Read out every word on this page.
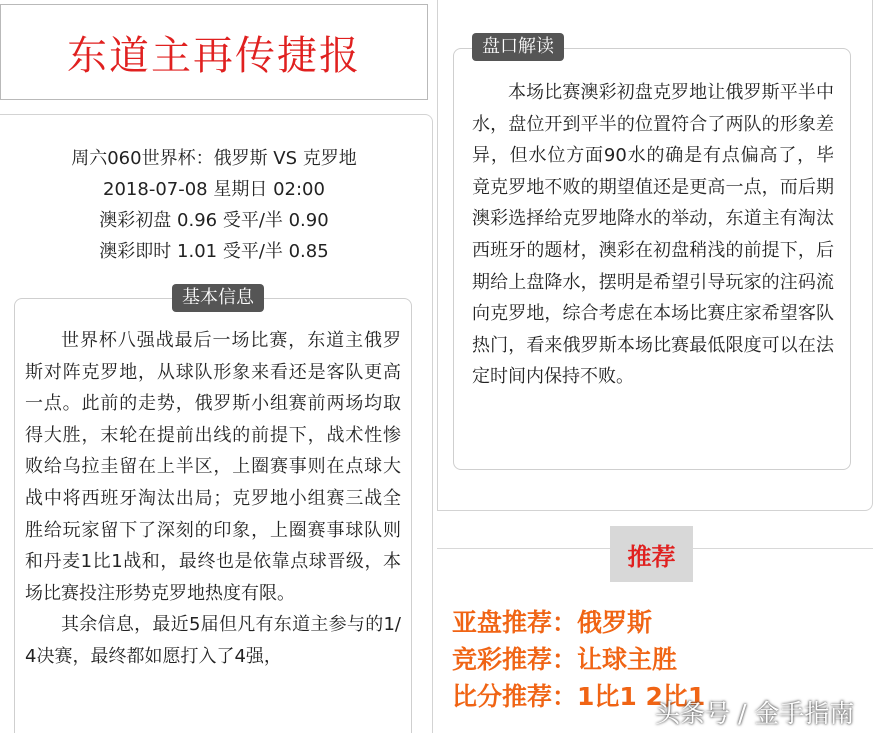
东道主再传捷报
周六060世界杯：俄罗斯 VS 克罗地
2018-07-08 星期日 02:00
澳彩初盘 0.96 受平/半 0.90
澳彩即时 1.01 受平/半 0.85

世界杯八强战最后一场比赛，东道主俄罗斯对阵克罗地，从球队形象来看还是客队更高一点。此前的走势，俄罗斯小组赛前两场均取得大胜，末轮在提前出线的前提下，战术性惨败给乌拉圭留在上半区，上圈赛事则在点球大战中将西班牙淘汰出局；克罗地小组赛三战全胜给玩家留下了深刻的印象，上圈赛事球队则和丹麦1比1战和，最终也是依靠点球晋级，本场比赛投注形势克罗地热度有限。

其余信息，最近5届但凡有东道主参与的1/4决赛，最终都如愿打入了4强，

基本信息

本场比赛澳彩初盘克罗地让俄罗斯平半中水，盘位开到平半的位置符合了两队的形象差异，但水位方面90水的确是有点偏高了，毕竟克罗地不败的期望值还是更高一点，而后期澳彩选择给克罗地降水的举动，东道主有淘汰西班牙的题材，澳彩在初盘稍浅的前提下，后期给上盘降水，摆明是希望引导玩家的注码流向克罗地，综合考虑在本场比赛庄家希望客队热门，看来俄罗斯本场比赛最低限度可以在法定时间内保持不败。

盘口解读
推荐
亚盘推荐：俄罗斯
竞彩推荐：让球主胜
比分推荐：1比1 2比1
头条号 / 金手指南
